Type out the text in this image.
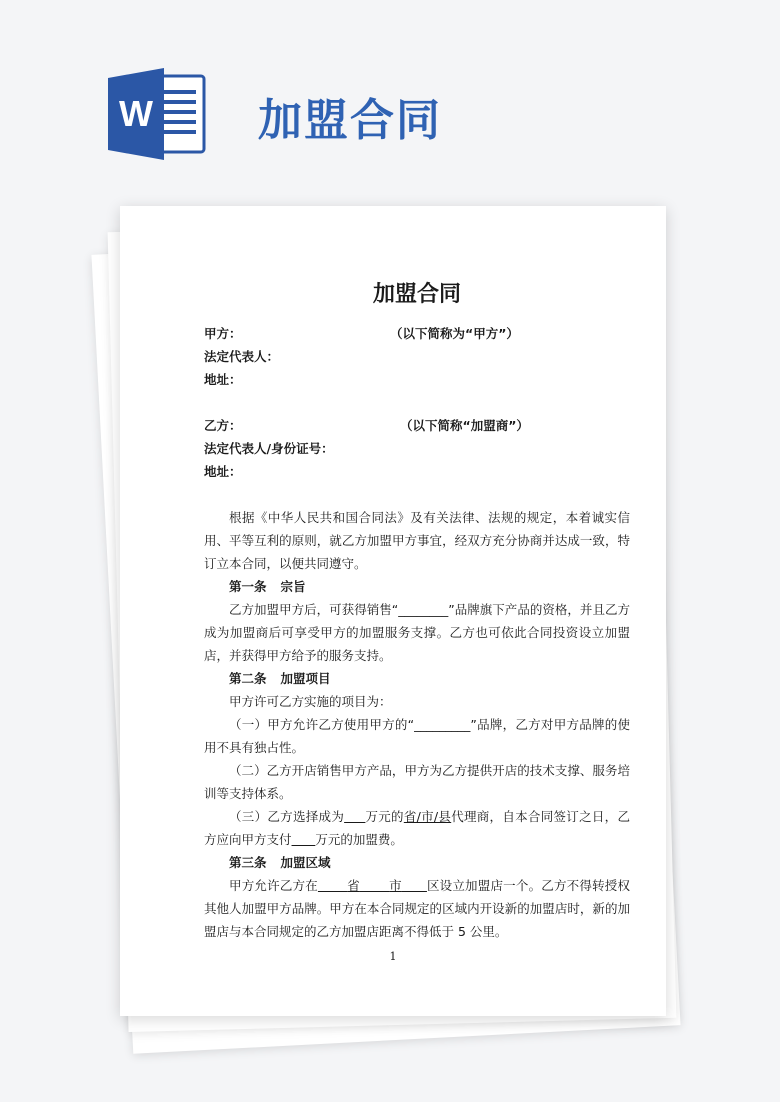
W 加盟合同
加盟合同
甲方：	（以下简称为“甲方”）
法定代表人：
地址：
乙方：	（以下简称“加盟商”）
法定代表人/身份证号：
地址：
根据《中华人民共和国合同法》及有关法律、法规的规定，本着诚实信用、平等互利的原则，就乙方加盟甲方事宜，经双方充分协商并达成一致，特订立本合同，以便共同遵守。
第一条 宗旨
乙方加盟甲方后，可获得销售“________”品牌旗下产品的资格，并且乙方成为加盟商后可享受甲方的加盟服务支撑。乙方也可依此合同投资设立加盟店，并获得甲方给予的服务支持。
第二条 加盟项目
甲方许可乙方实施的项目为：
（一）甲方允许乙方使用甲方的“_________”品牌，乙方对甲方品牌的使用不具有独占性。
（二）乙方开店销售甲方产品，甲方为乙方提供开店的技术支撑、服务培训等支持体系。
（三）乙方选择成为 万元的省/市/县代理商，自本合同签订之日，乙方应向甲方支付 万元的加盟费。
第三条 加盟区域
甲方允许乙方在 省 市 区设立加盟店一个。乙方不得转授权其他人加盟甲方品牌。甲方在本合同规定的区域内开设新的加盟店时，新的加盟店与本合同规定的乙方加盟店距离不得低于 5 公里。
1
